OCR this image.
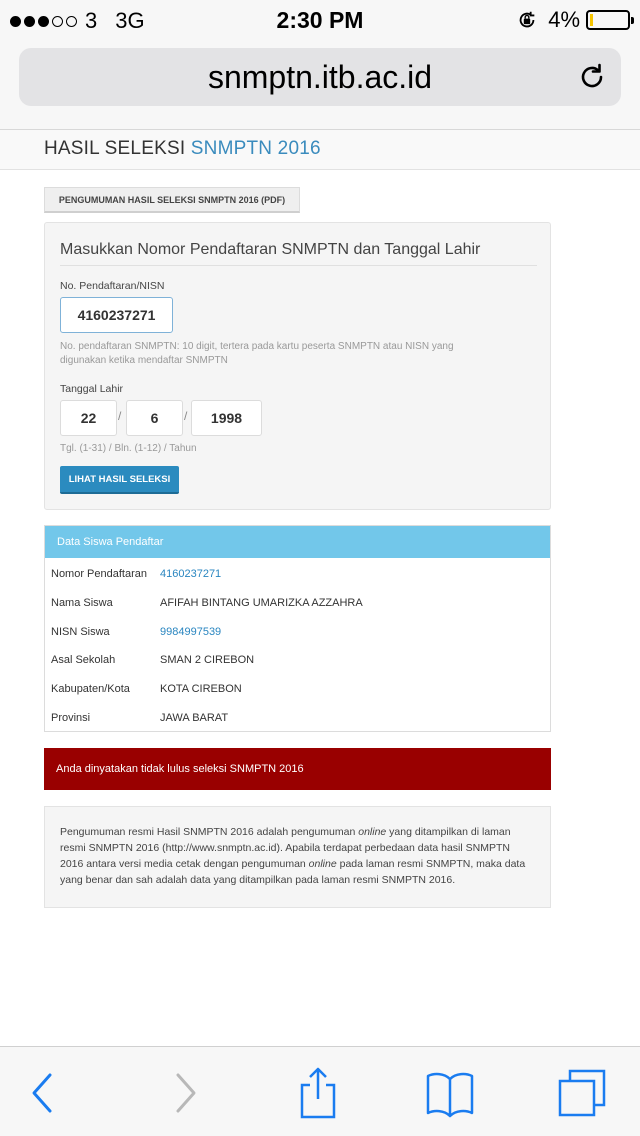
3 3G	2:30 PM	4%
snmptn.itb.ac.id
HASIL SELEKSI SNMPTN 2016
PENGUMUMAN HASIL SELEKSI SNMPTN 2016 (PDF)
Masukkan Nomor Pendaftaran SNMPTN dan Tanggal Lahir
No. Pendaftaran/NISN
4160237271
No. pendaftaran SNMPTN: 10 digit, tertera pada kartu peserta SNMPTN atau NISN yang
digunakan ketika mendaftar SNMPTN
Tanggal Lahir
22	/	6	/	1998
Tgl. (1-31) / Bln. (1-12) / Tahun
LIHAT HASIL SELEKSI
Data Siswa Pendaftar
Nomor Pendaftaran 4160237271
Nama Siswa	AFIFAH BINTANG UMARIZKA AZZAHRA
NISN Siswa	9984997539
Asal Sekolah	SMAN 2 CIREBON
Kabupaten/Kota	KOTA CIREBON
Provinsi	JAWA BARAT
Anda dinyatakan tidak lulus seleksi SNMPTN 2016
Pengumuman resmi Hasil SNMPTN 2016 adalah pengumuman online yang ditampilkan di laman resmi SNMPTN 2016 (http://www.snmptn.ac.id). Apabila terdapat perbedaan data hasil SNMPTN 2016 antara versi media cetak dengan pengumuman online pada laman resmi SNMPTN, maka data yang benar dan sah adalah data yang ditampilkan pada laman resmi SNMPTN 2016.
